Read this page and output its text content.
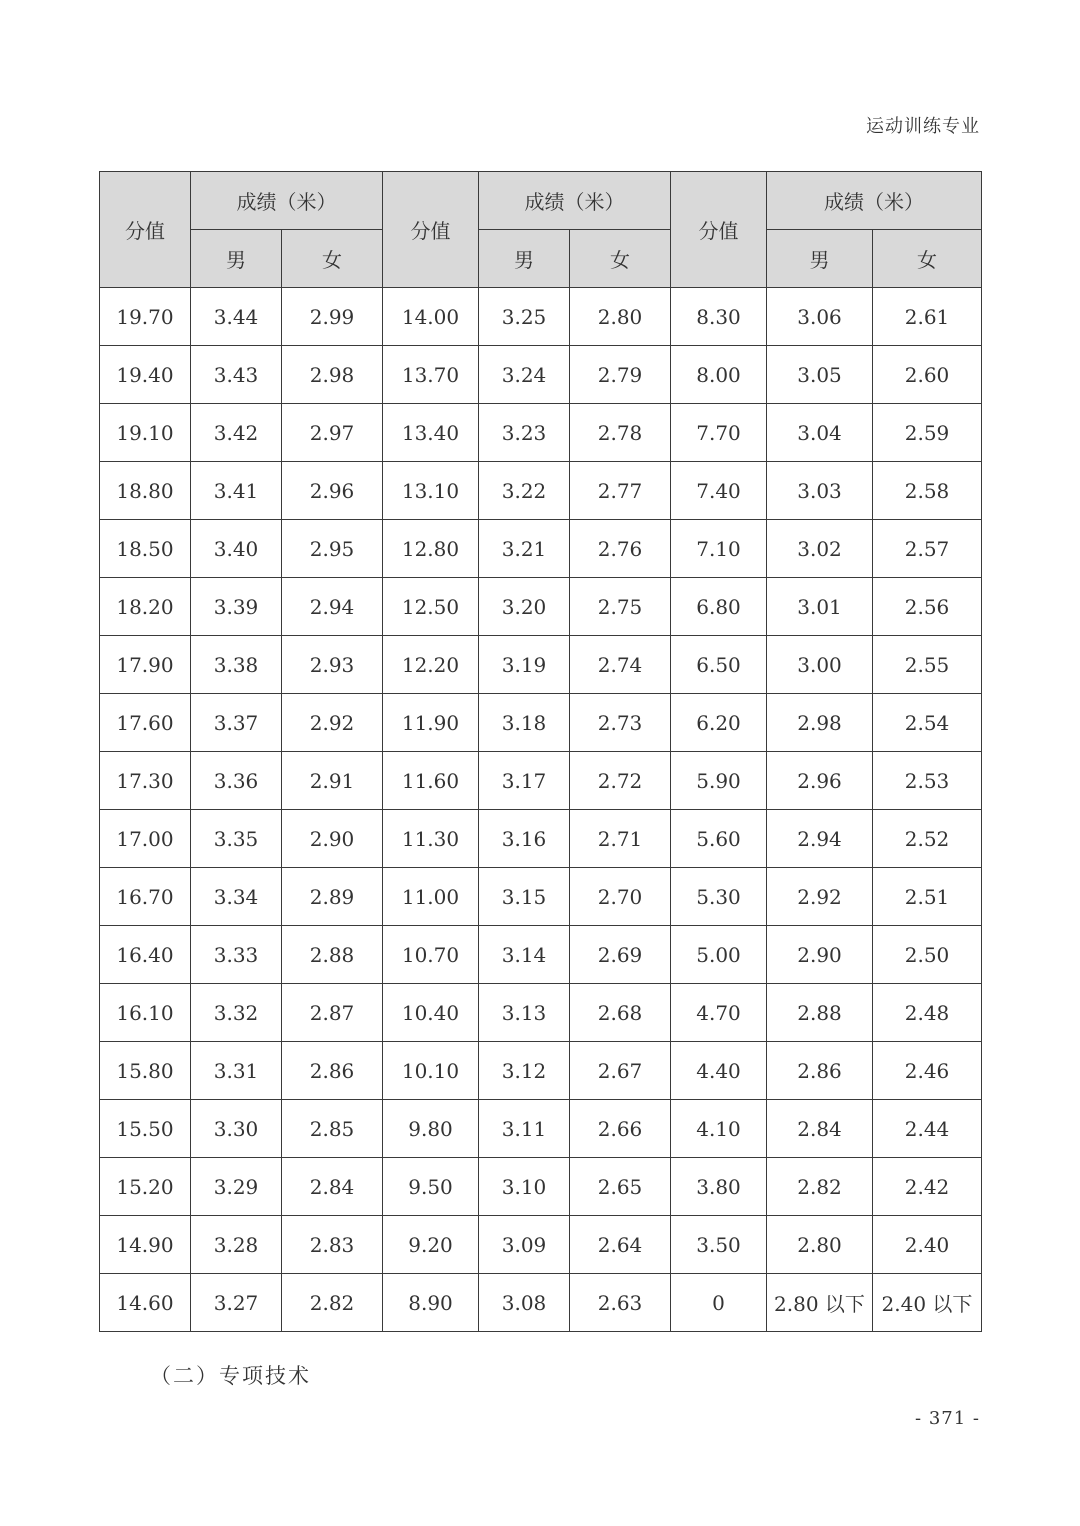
运动训练专业
分值	成绩（米）		分值	成绩（米）		分值	成绩（米）	
	男	女		男	女		男	女
19.70	3.44	2.99	14.00	3.25	2.80	8.30	3.06	2.61
19.40	3.43	2.98	13.70	3.24	2.79	8.00	3.05	2.60
19.10	3.42	2.97	13.40	3.23	2.78	7.70	3.04	2.59
18.80	3.41	2.96	13.10	3.22	2.77	7.40	3.03	2.58
18.50	3.40	2.95	12.80	3.21	2.76	7.10	3.02	2.57
18.20	3.39	2.94	12.50	3.20	2.75	6.80	3.01	2.56
17.90	3.38	2.93	12.20	3.19	2.74	6.50	3.00	2.55
17.60	3.37	2.92	11.90	3.18	2.73	6.20	2.98	2.54
17.30	3.36	2.91	11.60	3.17	2.72	5.90	2.96	2.53
17.00	3.35	2.90	11.30	3.16	2.71	5.60	2.94	2.52
16.70	3.34	2.89	11.00	3.15	2.70	5.30	2.92	2.51
16.40	3.33	2.88	10.70	3.14	2.69	5.00	2.90	2.50
16.10	3.32	2.87	10.40	3.13	2.68	4.70	2.88	2.48
15.80	3.31	2.86	10.10	3.12	2.67	4.40	2.86	2.46
15.50	3.30	2.85	9.80	3.11	2.66	4.10	2.84	2.44
15.20	3.29	2.84	9.50	3.10	2.65	3.80	2.82	2.42
14.90	3.28	2.83	9.20	3.09	2.64	3.50	2.80	2.40
14.60	3.27	2.82	8.90	3.08	2.63	0	2.80 以下	2.40 以下
（二）专项技术
- 371 -
